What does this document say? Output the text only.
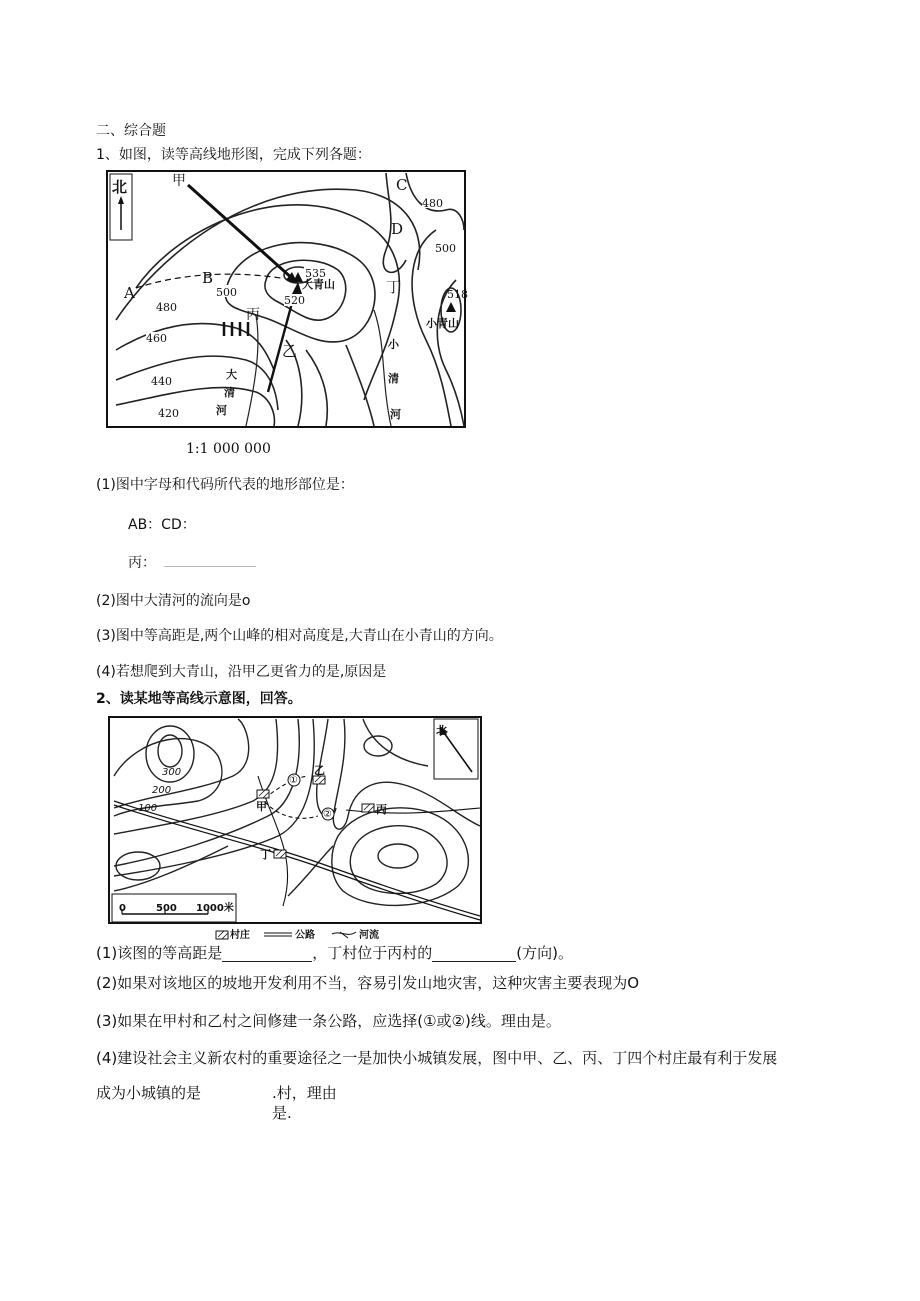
二、综合题
1、如图，读等高线地形图，完成下列各题：
北	甲
B
A
C
D
丁
丙
乙
535
520
500
480
480
460
440
420
500
518
大青山
小青山
大
清
河
小
清
河
1:1 000 000
(1)图中字母和代码所代表的地形部位是：
AB：CD：
丙：
(2)图中大清河的流向是o
(3)图中等高距是,两个山峰的相对高度是,大青山在小青山的方向。
(4)若想爬到大青山，沿甲乙更省力的是,原因是
2、读某地等高线示意图，回答。
北
300
200
100	甲
乙
丙
丁
①
②
0	500 1000米
村庄	公路	河流
(1)该图的等高距是	，丁村位于丙村的	(方向)。
(2)如果对该地区的坡地开发利用不当，容易引发山地灾害，这种灾害主要表现为O
(3)如果在甲村和乙村之间修建一条公路，应选择(①或②)线。理由是。
(4)建设社会主义新农村的重要途径之一是加快小城镇发展，图中甲、乙、丙、丁四个村庄最有利于发展
成为小城镇的是	.村，理由
是.
